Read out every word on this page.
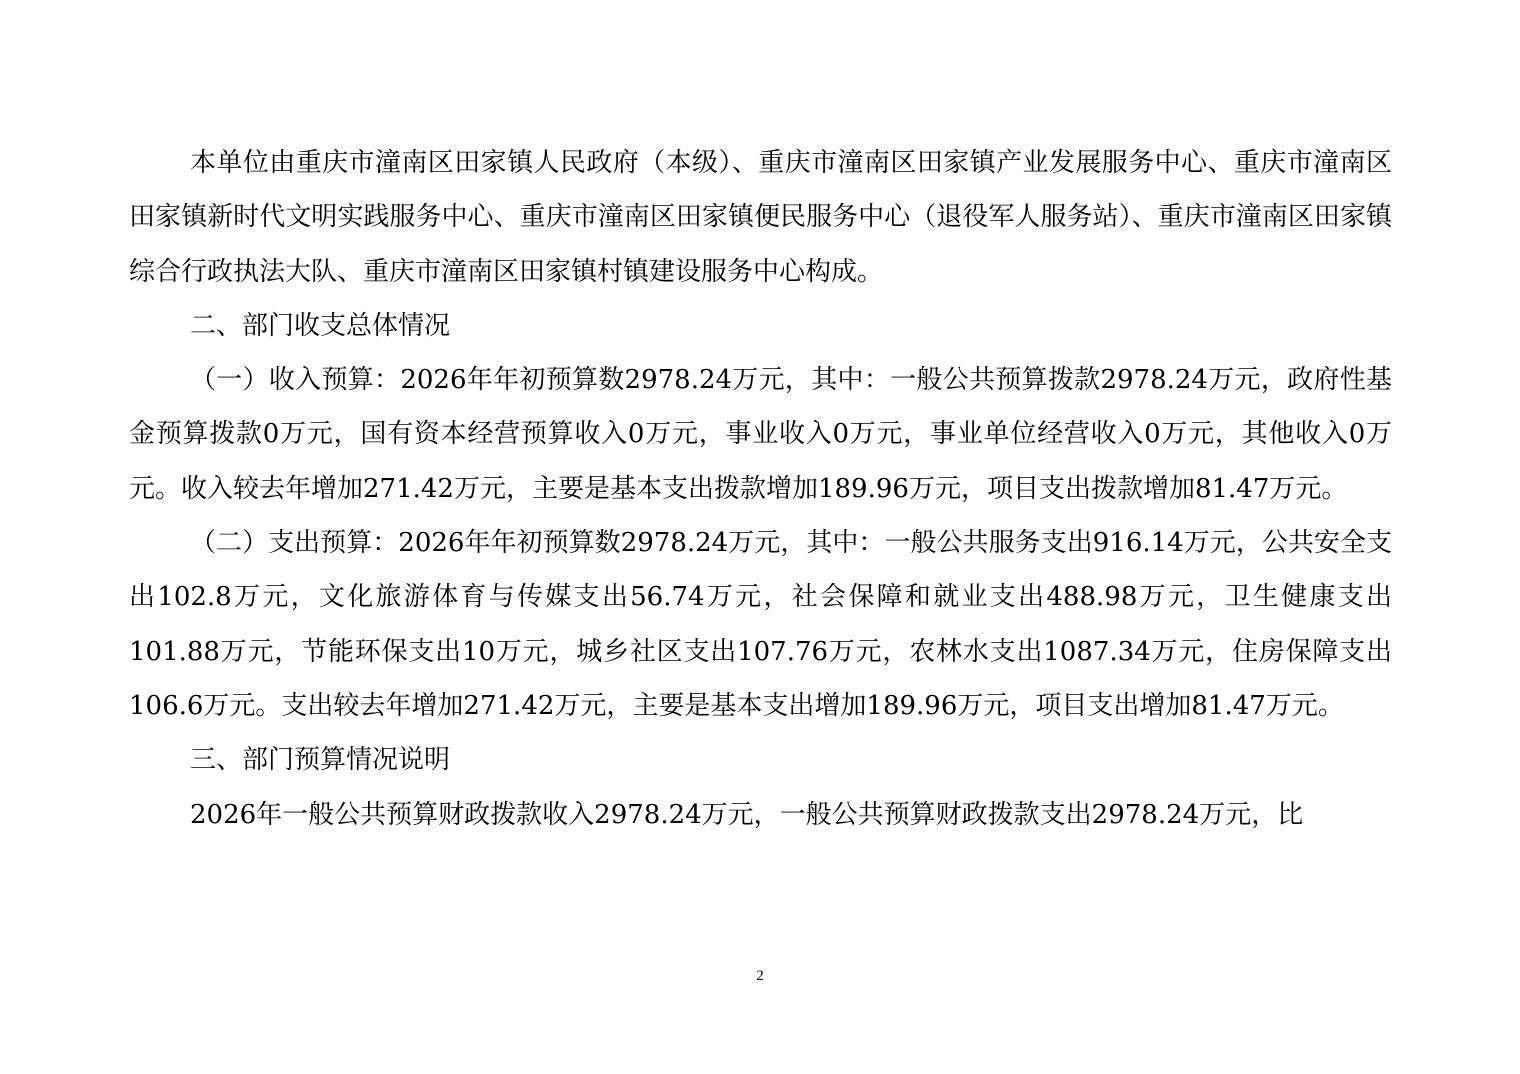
本单位由重庆市潼南区田家镇人民政府（本级）、重庆市潼南区田家镇产业发展服务中心、重庆市潼南区田家镇新时代文明实践服务中心、重庆市潼南区田家镇便民服务中心（退役军人服务站）、重庆市潼南区田家镇综合行政执法大队、重庆市潼南区田家镇村镇建设服务中心构成。

二、部门收支总体情况

（一）收入预算：2026年年初预算数2978.24万元，其中：一般公共预算拨款2978.24万元，政府性基金预算拨款0万元，国有资本经营预算收入0万元，事业收入0万元，事业单位经营收入0万元，其他收入0万元。收入较去年增加271.42万元，主要是基本支出拨款增加189.96万元，项目支出拨款增加81.47万元。

（二）支出预算：2026年年初预算数2978.24万元，其中：一般公共服务支出916.14万元，公共安全支出102.8万元，文化旅游体育与传媒支出56.74万元，社会保障和就业支出488.98万元，卫生健康支出101.88万元，节能环保支出10万元，城乡社区支出107.76万元，农林水支出1087.34万元，住房保障支出106.6万元。支出较去年增加271.42万元，主要是基本支出增加189.96万元，项目支出增加81.47万元。

三、部门预算情况说明

2026年一般公共预算财政拨款收入2978.24万元，一般公共预算财政拨款支出2978.24万元，比

2
